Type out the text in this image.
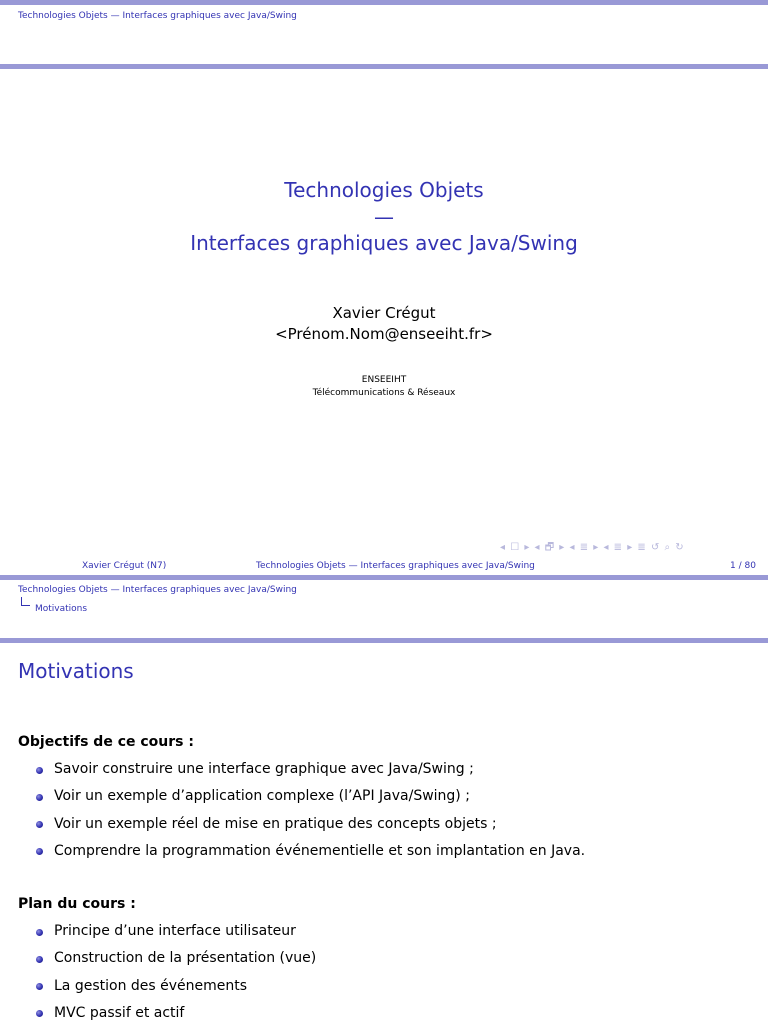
Technologies Objets — Interfaces graphiques avec Java/Swing
Technologies Objets
—
Interfaces graphiques avec Java/Swing
Xavier Crégut
<Prénom.Nom@enseeiht.fr>
ENSEEIHT
Télécommunications & Réseaux
◂ ☐ ▸ ◂ 🗗 ▸ ◂ ≣ ▸ ◂ ≣ ▸ ≣ ↺ ⌕ ↻
Xavier Crégut (N7)	Technologies Objets — Interfaces graphiques avec Java/Swing	1 / 80
Technologies Objets — Interfaces graphiques avec Java/Swing
Motivations
Motivations
Objectifs de ce cours :
Savoir construire une interface graphique avec Java/Swing ;
Voir un exemple d’application complexe (l’API Java/Swing) ;
Voir un exemple réel de mise en pratique des concepts objets ;
Comprendre la programmation événementielle et son implantation en Java.
Plan du cours :
Principe d’une interface utilisateur
Construction de la présentation (vue)
La gestion des événements
MVC passif et actif
